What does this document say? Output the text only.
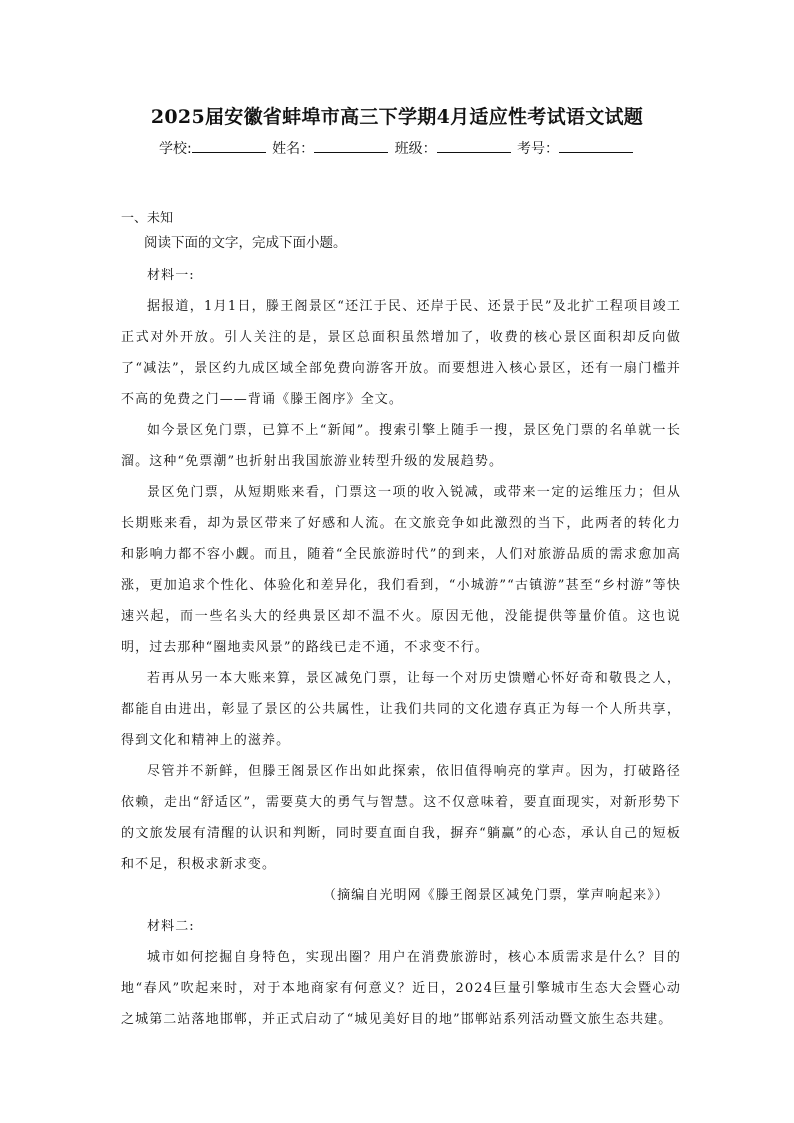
2025届安徽省蚌埠市高三下学期4月适应性考试语文试题
学校:	姓名：	班级：	考号：
一、未知
阅读下面的文字，完成下面小题。

材料一:

据报道，1月1日，滕王阁景区“还江于民、还岸于民、还景于民”及北扩工程项目竣工正式对外开放。引人关注的是，景区总面积虽然增加了，收费的核心景区面积却反向做了“减法”，景区约九成区域全部免费向游客开放。而要想进入核心景区，还有一扇门槛并不高的免费之门——背诵《滕王阁序》全文。

如今景区免门票，已算不上“新闻”。搜索引擎上随手一搜，景区免门票的名单就一长溜。这种“免票潮”也折射出我国旅游业转型升级的发展趋势。

景区免门票，从短期账来看，门票这一项的收入锐减，或带来一定的运维压力；但从长期账来看，却为景区带来了好感和人流。在文旅竞争如此激烈的当下，此两者的转化力和影响力都不容小觑。而且，随着“全民旅游时代”的到来，人们对旅游品质的需求愈加高涨，更加追求个性化、体验化和差异化，我们看到，“小城游”“古镇游”甚至“乡村游”等快速兴起，而一些名头大的经典景区却不温不火。原因无他，没能提供等量价值。这也说明，过去那种“圈地卖风景”的路线已走不通，不求变不行。

若再从另一本大账来算，景区减免门票，让每一个对历史馈赠心怀好奇和敬畏之人，都能自由进出，彰显了景区的公共属性，让我们共同的文化遗存真正为每一个人所共享，得到文化和精神上的滋养。

尽管并不新鲜，但滕王阁景区作出如此探索，依旧值得响亮的掌声。因为，打破路径依赖，走出“舒适区”，需要莫大的勇气与智慧。这不仅意味着，要直面现实，对新形势下的文旅发展有清醒的认识和判断，同时要直面自我，摒弃“躺赢”的心态，承认自己的短板和不足，积极求新求变。

（摘编自光明网《滕王阁景区减免门票，掌声响起来》）

材料二:

城市如何挖掘自身特色，实现出圈？用户在消费旅游时，核心本质需求是什么？目的地“春风”吹起来时，对于本地商家有何意义？近日，2024巨量引擎城市生态大会暨心动之城第二站落地邯郸，并正式启动了“城见美好目的地”邯郸站系列活动暨文旅生态共建。
